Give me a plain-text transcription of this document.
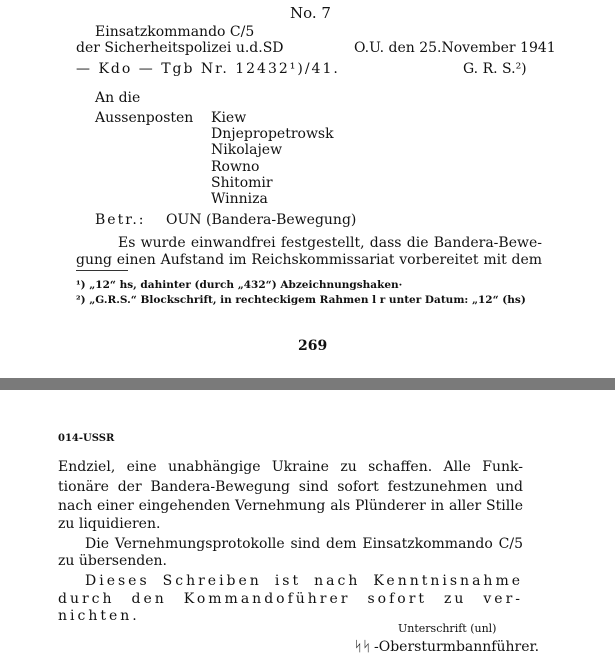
No. 7
Einsatzkommando C/5
der Sicherheitspolizei u.d.SD	O.U. den 25.November 1941
— Kdo — Tgb Nr. 12432¹)/41.	G. R. S.²)
An die
Aussenposten Kiew
Dnjepropetrowsk
Nikolajew
Rowno
Shitomir
Winniza
Betr.: OUN (Bandera-Bewegung)
Es wurde einwandfrei festgestellt, dass die Bandera-Bewe-
gung einen Aufstand im Reichskommissariat vorbereitet mit dem
¹) „12“ hs, dahinter (durch „432“) Abzeichnungshaken·
²) „G.R.S.“ Blockschrift, in rechteckigem Rahmen l r unter Datum: „12“ (hs)
269
014-USSR
Endziel, eine unabhängige Ukraine zu schaffen. Alle Funk-
tionäre der Bandera-Bewegung sind sofort festzunehmen und
nach einer eingehenden Vernehmung als Plünderer in aller Stille
zu liquidieren.
Die Vernehmungsprotokolle sind dem Einsatzkommando C/5
zu übersenden.
Dieses Schreiben ist nach Kenntnisnahme
durch den Kommandoführer sofort zu ver-
nichten.
Unterschrift (unl)
ᛋᛋ -Obersturmbannführer.
